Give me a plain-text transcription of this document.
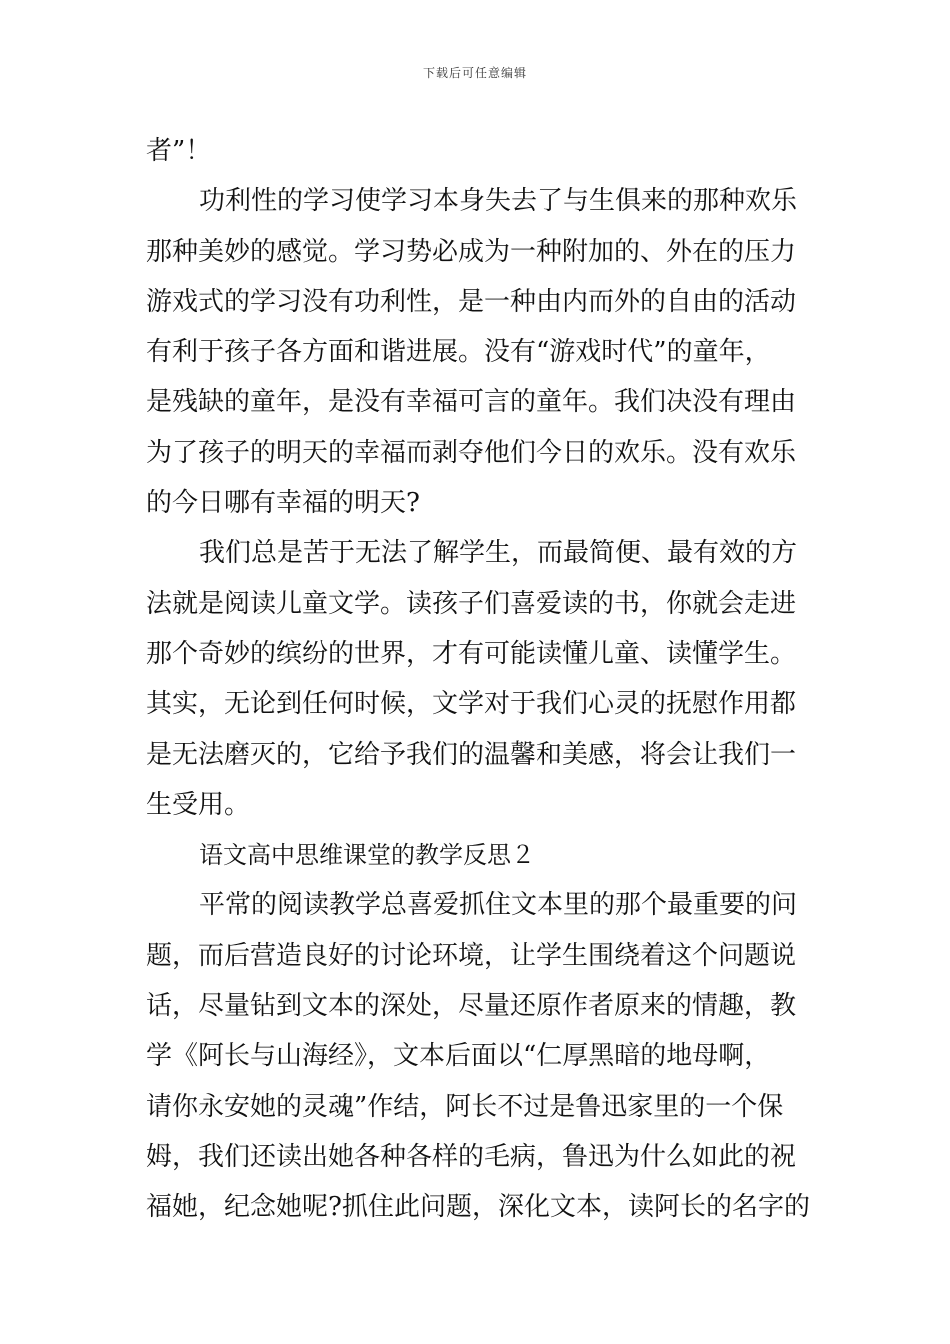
下载后可任意编辑
者”！
功利性的学习使学习本身失去了与生俱来的那种欢乐
那种美妙的感觉。学习势必成为一种附加的、外在的压力
游戏式的学习没有功利性，是一种由内而外的自由的活动
有利于孩子各方面和谐进展。没有“游戏时代”的童年，
是残缺的童年，是没有幸福可言的童年。我们决没有理由
为了孩子的明天的幸福而剥夺他们今日的欢乐。没有欢乐
的今日哪有幸福的明天?
我们总是苦于无法了解学生，而最简便、最有效的方
法就是阅读儿童文学。读孩子们喜爱读的书，你就会走进
那个奇妙的缤纷的世界，才有可能读懂儿童、读懂学生。
其实，无论到任何时候，文学对于我们心灵的抚慰作用都
是无法磨灭的，它给予我们的温馨和美感，将会让我们一
生受用。
语文高中思维课堂的教学反思２
平常的阅读教学总喜爱抓住文本里的那个最重要的问
题，而后营造良好的讨论环境，让学生围绕着这个问题说
话，尽量钻到文本的深处，尽量还原作者原来的情趣，教
学《阿长与山海经》，文本后面以“仁厚黑暗的地母啊，
请你永安她的灵魂”作结，阿长不过是鲁迅家里的一个保
姆，我们还读出她各种各样的毛病，鲁迅为什么如此的祝
福她，纪念她呢?抓住此问题，深化文本，读阿长的名字的
